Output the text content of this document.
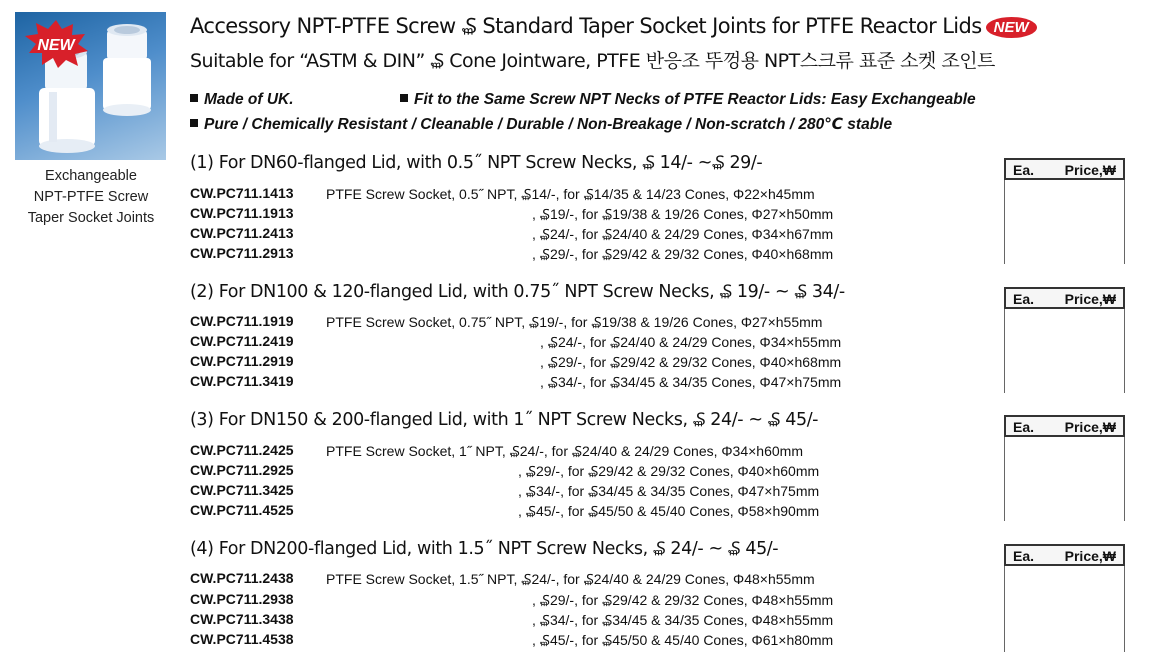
NEW
Exchangeable
NPT-PTFE Screw
Taper Socket Joints
Accessory NPT-PTFE Screw ₷ Standard Taper Socket Joints for PTFE Reactor Lids NEW
Suitable for “ASTM & DIN” ₷ Cone Jointware, PTFE 반응조 뚜껑용 NPT스크류 표준 소켓 조인트
Made of UK.	Fit to the Same Screw NPT Necks of PTFE Reactor Lids: Easy Exchangeable
Pure / Chemically Resistant / Cleanable / Durable / Non-Breakage / Non-scratch / 280℃ stable
(1) For DN60-flanged Lid, with 0.5˝ NPT Screw Necks, ₷ 14/- ~₷ 29/-	Ea. Price,₩
CW.PC711.1413 PTFE Screw Socket, 0.5˝ NPT, ₷14/-, for ₷14/35 & 14/23 Cones, Φ22×h45mm
CW.PC711.1913	, ₷19/-, for ₷19/38 & 19/26 Cones, Φ27×h50mm
CW.PC711.2413	, ₷24/-, for ₷24/40 & 24/29 Cones, Φ34×h67mm
CW.PC711.2913	, ₷29/-, for ₷29/42 & 29/32 Cones, Φ40×h68mm
(2) For DN100 & 120-flanged Lid, with 0.75˝ NPT Screw Necks, ₷ 19/- ~ ₷ 34/-	Ea. Price,₩
CW.PC711.1919 PTFE Screw Socket, 0.75˝ NPT, ₷19/-, for ₷19/38 & 19/26 Cones, Φ27×h55mm
CW.PC711.2419	, ₷24/-, for ₷24/40 & 24/29 Cones, Φ34×h55mm
CW.PC711.2919	, ₷29/-, for ₷29/42 & 29/32 Cones, Φ40×h68mm
CW.PC711.3419	, ₷34/-, for ₷34/45 & 34/35 Cones, Φ47×h75mm
(3) For DN150 & 200-flanged Lid, with 1˝ NPT Screw Necks, ₷ 24/- ~ ₷ 45/-	Ea. Price,₩
CW.PC711.2425 PTFE Screw Socket, 1˝ NPT, ₷24/-, for ₷24/40 & 24/29 Cones, Φ34×h60mm
CW.PC711.2925	, ₷29/-, for ₷29/42 & 29/32 Cones, Φ40×h60mm
CW.PC711.3425	, ₷34/-, for ₷34/45 & 34/35 Cones, Φ47×h75mm
CW.PC711.4525	, ₷45/-, for ₷45/50 & 45/40 Cones, Φ58×h90mm
(4) For DN200-flanged Lid, with 1.5˝ NPT Screw Necks, ₷ 24/- ~ ₷ 45/-	Ea. Price,₩
CW.PC711.2438 PTFE Screw Socket, 1.5˝ NPT, ₷24/-, for ₷24/40 & 24/29 Cones, Φ48×h55mm
CW.PC711.2938	, ₷29/-, for ₷29/42 & 29/32 Cones, Φ48×h55mm
CW.PC711.3438	, ₷34/-, for ₷34/45 & 34/35 Cones, Φ48×h55mm
CW.PC711.4538	, ₷45/-, for ₷45/50 & 45/40 Cones, Φ61×h80mm
